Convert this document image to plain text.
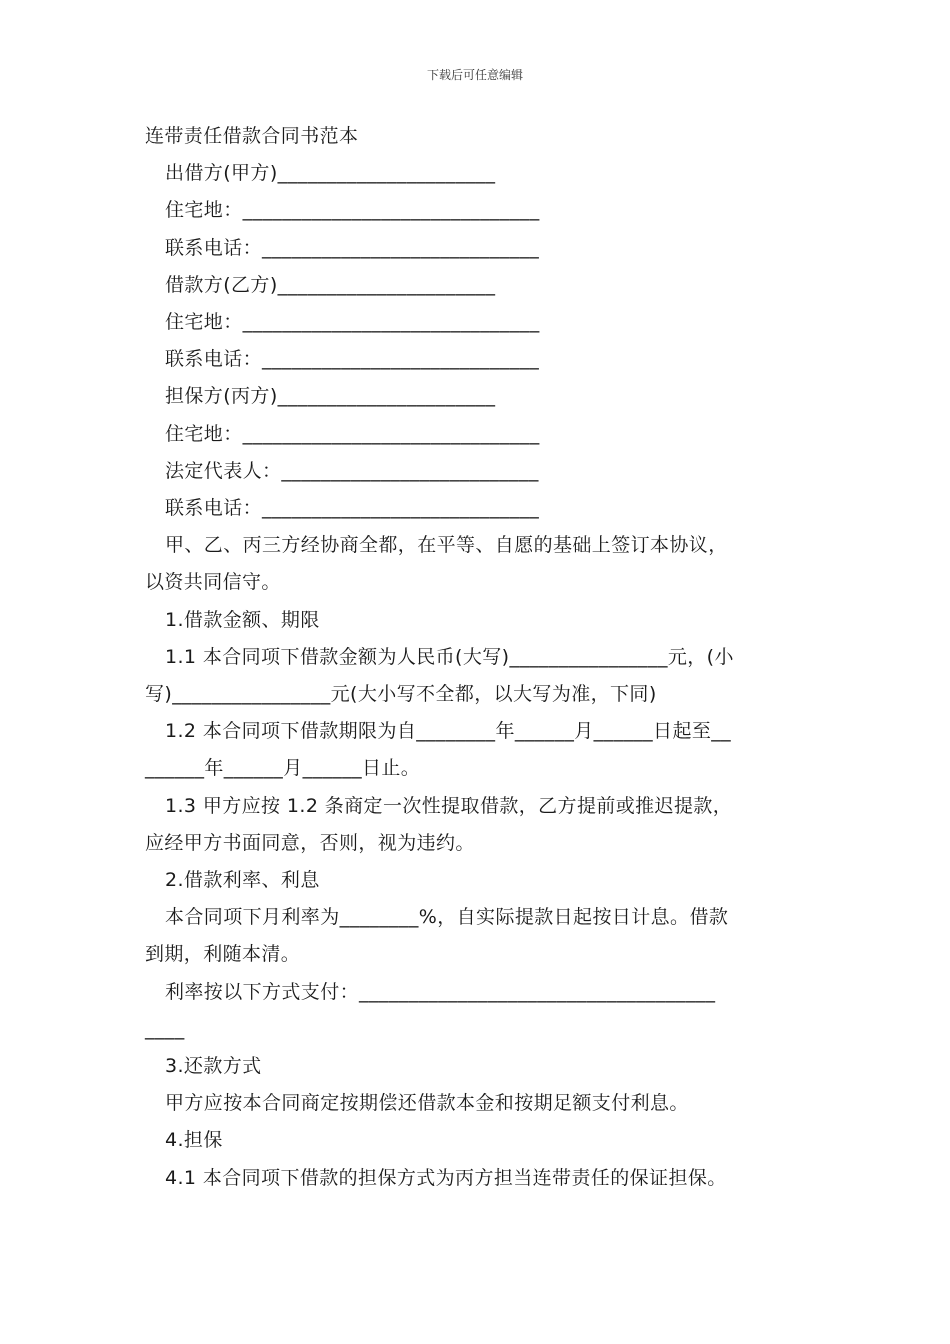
下载后可任意编辑

连带责任借款合同书范本

出借方(甲方)______________________

住宅地：______________________________

联系电话：____________________________

借款方(乙方)______________________

住宅地：______________________________

联系电话：____________________________

担保方(丙方)______________________

住宅地：______________________________

法定代表人：__________________________

联系电话：____________________________

甲、乙、丙三方经协商全都，在平等、自愿的基础上签订本协议，

以资共同信守。

1.借款金额、期限

1.1 本合同项下借款金额为人民币(大写)________________元，(小

写)________________元(大小写不全都，以大写为准，下同)

1.2 本合同项下借款期限为自________年______月______日起至__

______年______月______日止。

1.3 甲方应按 1.2 条商定一次性提取借款，乙方提前或推迟提款，

应经甲方书面同意，否则，视为违约。

2.借款利率、利息

本合同项下月利率为________%，自实际提款日起按日计息。借款

到期，利随本清。

利率按以下方式支付：____________________________________

____

3.还款方式

甲方应按本合同商定按期偿还借款本金和按期足额支付利息。

4.担保

4.1 本合同项下借款的担保方式为丙方担当连带责任的保证担保。
